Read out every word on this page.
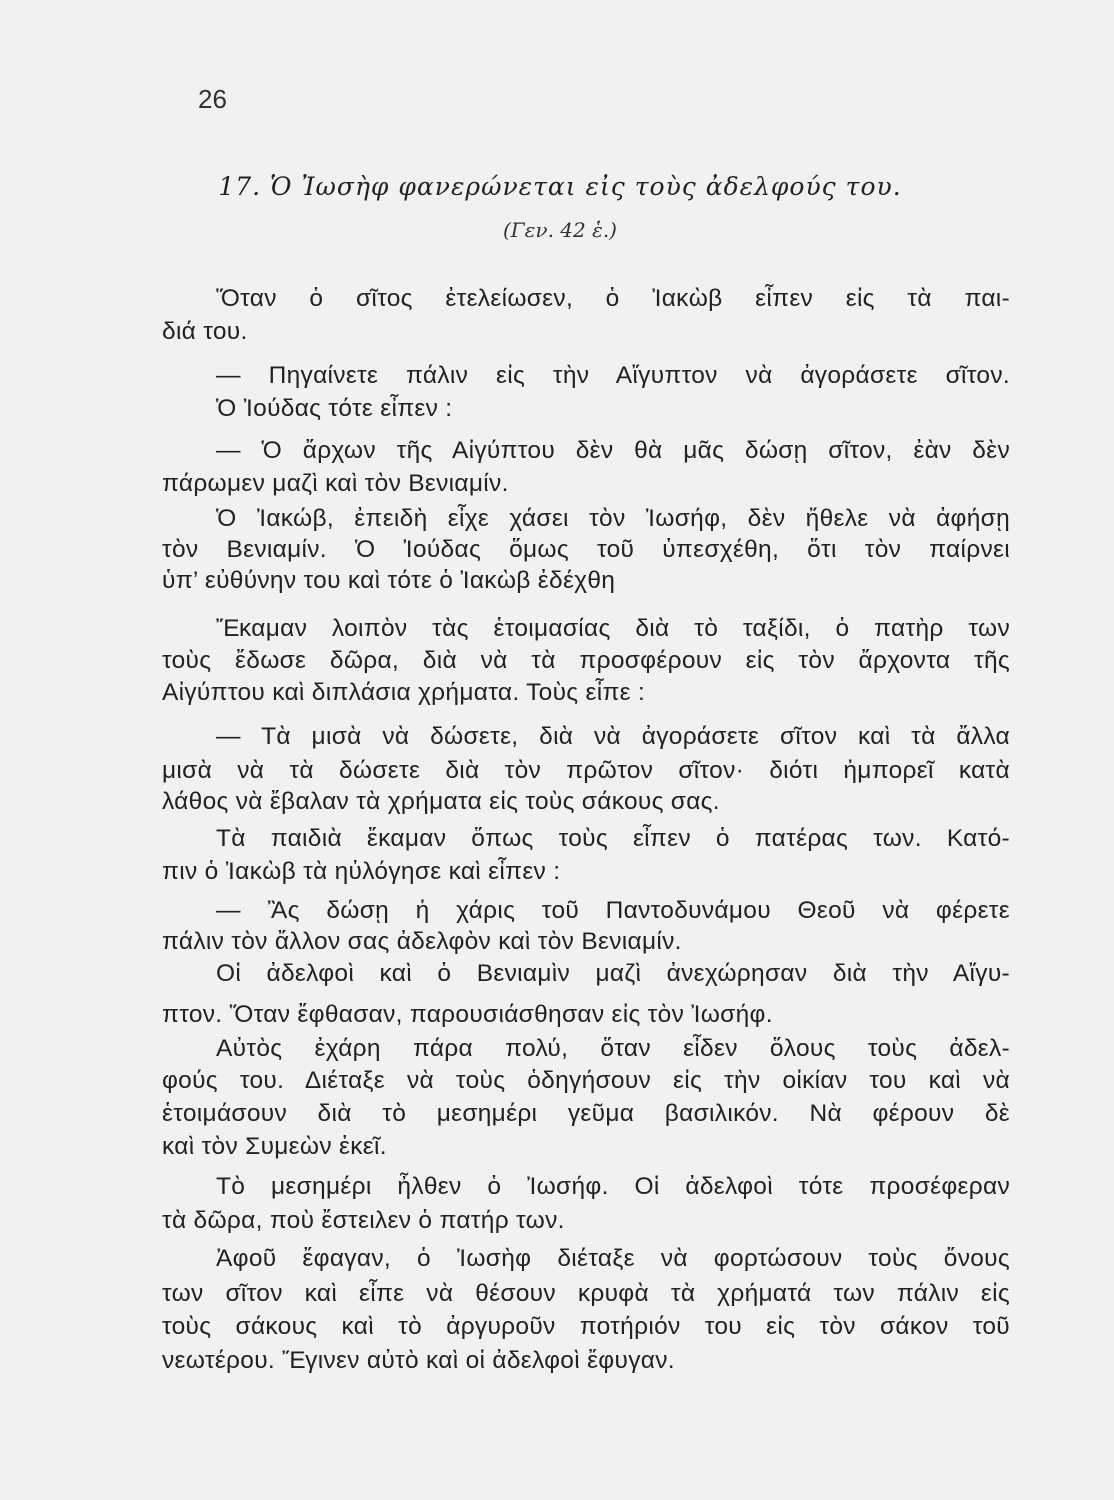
26
17. Ὁ Ἰωσὴφ φανερώνεται εἰς τοὺς ἀδελφούς του.
(Γεν. 42 ἑ.)
Ὅταν ὁ σῖτος ἐτελείωσεν, ὁ Ἰακὼβ εἶπεν εἰς τὰ παι-
διά του.
— Πηγαίνετε πάλιν εἰς τὴν Αἴγυπτον νὰ ἀγοράσετε σῖτον.
Ὁ Ἰούδας τότε εἶπεν :
— Ὁ ἄρχων τῆς Αἰγύπτου δὲν θὰ μᾶς δώσῃ σῖτον, ἐὰν δὲν
πάρωμεν μαζὶ καὶ τὸν Βενιαμίν.
Ὁ Ἰακώβ, ἐπειδὴ εἶχε χάσει τὸν Ἰωσήφ, δὲν ἤθελε νὰ ἀφήσῃ
τὸν Βενιαμίν. Ὁ Ἰούδας ὅμως τοῦ ὑπεσχέθη, ὅτι τὸν παίρνει
ὑπ’ εὐθύνην του καὶ τότε ὁ Ἰακὼβ ἐδέχθη
Ἔκαμαν λοιπὸν τὰς ἑτοιμασίας διὰ τὸ ταξίδι, ὁ πατὴρ των
τοὺς ἔδωσε δῶρα, διὰ νὰ τὰ προσφέρουν εἰς τὸν ἄρχοντα τῆς
Αἰγύπτου καὶ διπλάσια χρήματα. Τοὺς εἶπε :
— Τὰ μισὰ νὰ δώσετε, διὰ νὰ ἀγοράσετε σῖτον καὶ τὰ ἄλλα
μισὰ νὰ τὰ δώσετε διὰ τὸν πρῶτον σῖτον· διότι ἠμπορεῖ κατὰ
λάθος νὰ ἔβαλαν τὰ χρήματα εἰς τοὺς σάκους σας.
Τὰ παιδιὰ ἔκαμαν ὅπως τοὺς εἶπεν ὁ πατέρας των. Κατό-
πιν ὁ Ἰακὼβ τὰ ηὐλόγησε καὶ εἶπεν :
— Ἂς δώσῃ ἡ χάρις τοῦ Παντοδυνάμου Θεοῦ νὰ φέρετε
πάλιν τὸν ἄλλον σας ἀδελφὸν καὶ τὸν Βενιαμίν.
Οἱ ἀδελφοὶ καὶ ὁ Βενιαμὶν μαζὶ ἀνεχώρησαν διὰ τὴν Αἴγυ-
πτον. Ὅταν ἔφθασαν, παρουσιάσθησαν εἰς τὸν Ἰωσήφ.
Αὐτὸς ἐχάρη πάρα πολύ, ὅταν εἶδεν ὅλους τοὺς ἀδελ-
φούς του. Διέταξε νὰ τοὺς ὁδηγήσουν εἰς τὴν οἰκίαν του καὶ νὰ
ἑτοιμάσουν διὰ τὸ μεσημέρι γεῦμα βασιλικόν. Νὰ φέρουν δὲ
καὶ τὸν Συμεὼν ἐκεῖ.
Τὸ μεσημέρι ἦλθεν ὁ Ἰωσήφ. Οἱ ἀδελφοὶ τότε προσέφεραν
τὰ δῶρα, ποὺ ἔστειλεν ὁ πατήρ των.
Ἀφοῦ ἔφαγαν, ὁ Ἰωσὴφ διέταξε νὰ φορτώσουν τοὺς ὄνους
των σῖτον καὶ εἶπε νὰ θέσουν κρυφὰ τὰ χρήματά των πάλιν εἰς
τοὺς σάκους καὶ τὸ ἀργυροῦν ποτήριόν του εἰς τὸν σάκον τοῦ
νεωτέρου. Ἔγινεν αὐτὸ καὶ οἱ ἀδελφοὶ ἔφυγαν.
